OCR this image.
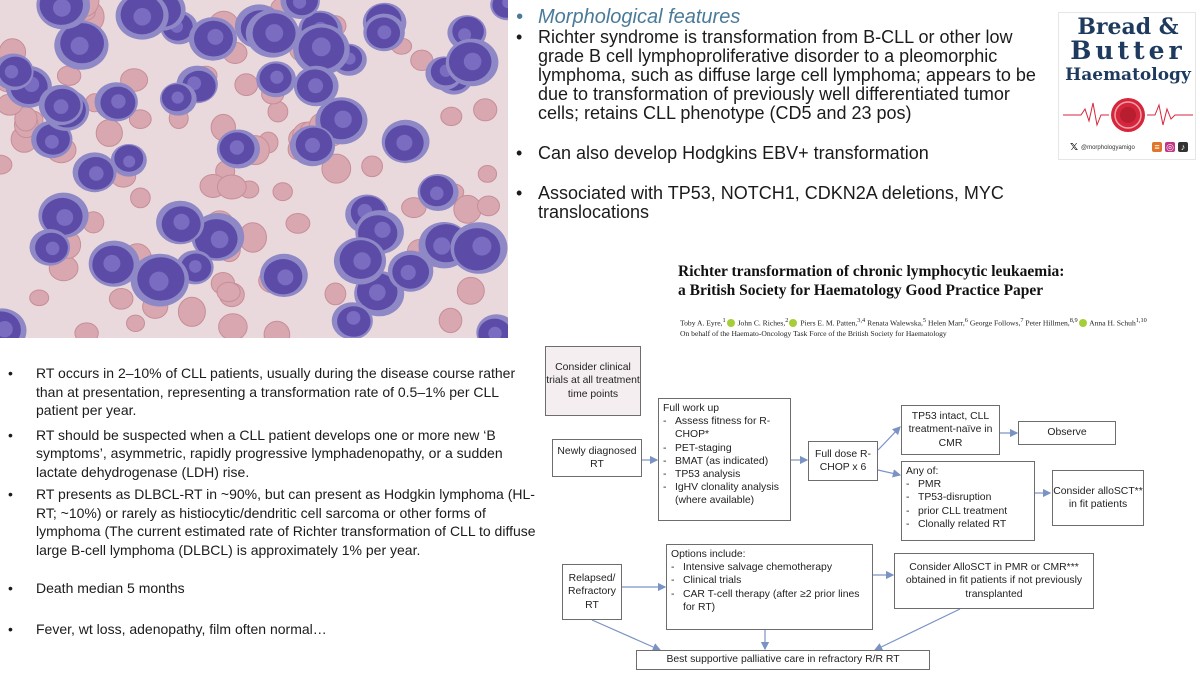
• Morphological features
• Richter syndrome is transformation from B-CLL or other low grade B cell lymphoproliferative disorder to a pleomorphic lymphoma, such as diffuse large cell lymphoma; appears to be due to transformation of previously well differentiated tumor cells; retains CLL phenotype (CD5 and 23 pos)
• Can also develop Hodgkins EBV+ transformation
• Associated with TP53, NOTCH1, CDKN2A deletions, MYC translocations
Bread &
Butter
Haematology
𝕏 @morphologyamigo ≡ ◎ ♪
Richter transformation of chronic lymphocytic leukaemia:
a British Society for Haematology Good Practice Paper
Toby A. Eyre,$^1$ John C. Riches,$^2$ Piers E. M. Patten,$^{3,4}$ Renata Walewska,$^5$ Helen Marr,$^6$ George Follows,$^7$ Peter Hillmen,$^{8,9}$ Anna H. Schuh$^{1,10}$ On behalf of the Haemato-Oncology Task Force of the British Society for Haematology
•	RT occurs in 2–10% of CLL patients, usually during the disease course rather than at presentation, representing a transformation rate of 0.5–1% per CLL patient per year.
•	RT should be suspected when a CLL patient develops one or more new ‘B symptoms’, asymmetric, rapidly progressive lymphadenopathy, or a sudden lactate dehydrogenase (LDH) rise.
•	RT presents as DLBCL-RT in ~90%, but can present as Hodgkin lymphoma (HL-RT; ~10%) or rarely as histiocytic/dendritic cell sarcoma or other forms of lymphoma (The current estimated rate of Richter transformation of CLL to diffuse large B-cell lymphoma (DLBCL) is approximately 1% per year.
•	Death median 5 months
•	Fever, wt loss, adenopathy, film often normal…
Consider clinical trials at all treatment time points
Newly diagnosed RT
Full work up
- Assess fitness for R-CHOP*
- PET-staging
- BMAT (as indicated)
- TP53 analysis
- IgHV clonality analysis (where available)
Full dose R-CHOP x 6
TP53 intact, CLL treatment-naïve in CMR
Observe
Any of:
- PMR
- TP53-disruption
- prior CLL treatment
- Clonally related RT
Relapsed/ Refractory RT
Options include:
- Intensive salvage chemotherapy
- Clinical trials
- CAR T-cell therapy (after ≥2 prior lines for RT)
Consider AlloSCT in PMR or CMR*** obtained in fit patients if not previously transplanted
Best supportive palliative care in refractory R/R RT
Consider alloSCT** in fit patients
